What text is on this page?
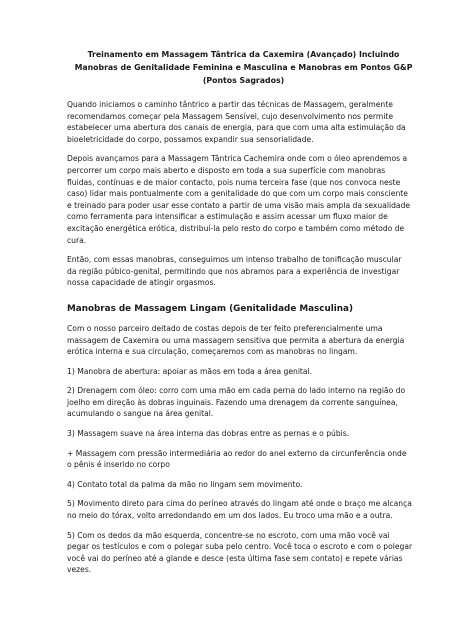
Treinamento em Massagem Tântrica da Caxemira (Avançado) Incluindo Manobras de Genitalidade Feminina e Masculina e Manobras em Pontos G&P (Pontos Sagrados)

Quando iniciamos o caminho tântrico a partir das técnicas de Massagem, geralmente recomendamos começar pela Massagem Sensível, cujo desenvolvimento nos permite estabelecer uma abertura dos canais de energia, para que com uma alta estimulação da bioeletricidade do corpo, possamos expandir sua sensorialidade.

Depois avançamos para a Massagem Tântrica Cachemira onde com o óleo aprendemos a percorrer um corpo mais aberto e disposto em toda a sua superfície com manobras fluidas, contínuas e de maior contacto, pois numa terceira fase (que nos convoca neste caso) lidar mais pontualmente com a genitalidade do que com um corpo mais consciente e treinado para poder usar esse contato a partir de uma visão mais ampla da sexualidade como ferramenta para intensificar a estimulação e assim acessar um fluxo maior de excitação energética erótica, distribuí-la pelo resto do corpo e também como método de cura.

Então, com essas manobras, conseguimos um intenso trabalho de tonificação muscular da região púbico-genital, permitindo que nos abramos para a experiência de investigar nossa capacidade de atingir orgasmos.

Manobras de Massagem Lingam (Genitalidade Masculina)

Com o nosso parceiro deitado de costas depois de ter feito preferencialmente uma massagem de Caxemira ou uma massagem sensitiva que permita a abertura da energia erótica interna e sua circulação, começaremos com as manobras no lingam.

1) Manobra de abertura: apoiar as mãos em toda a área genital.

2) Drenagem com óleo: corro com uma mão em cada perna do lado interno na região do joelho em direção às dobras inguinais. Fazendo uma drenagem da corrente sanguínea, acumulando o sangue na área genital.

3) Massagem suave na área interna das dobras entre as pernas e o púbis.

+ Massagem com pressão intermediária ao redor do anel externo da circunferência onde o pênis é inserido no corpo

4) Contato total da palma da mão no lingam sem movimento.

5) Movimento direto para cima do períneo através do lingam até onde o braço me alcança no meio do tórax, volto arredondando em um dos lados. Eu troco uma mão e a outra.

5) Com os dedos da mão esquerda, concentre-se no escroto, com uma mão você vai pegar os testículos e com o polegar suba pelo centro. Você toca o escroto e com o polegar você vai do períneo até a glande e desce (esta última fase sem contato) e repete várias vezes.
